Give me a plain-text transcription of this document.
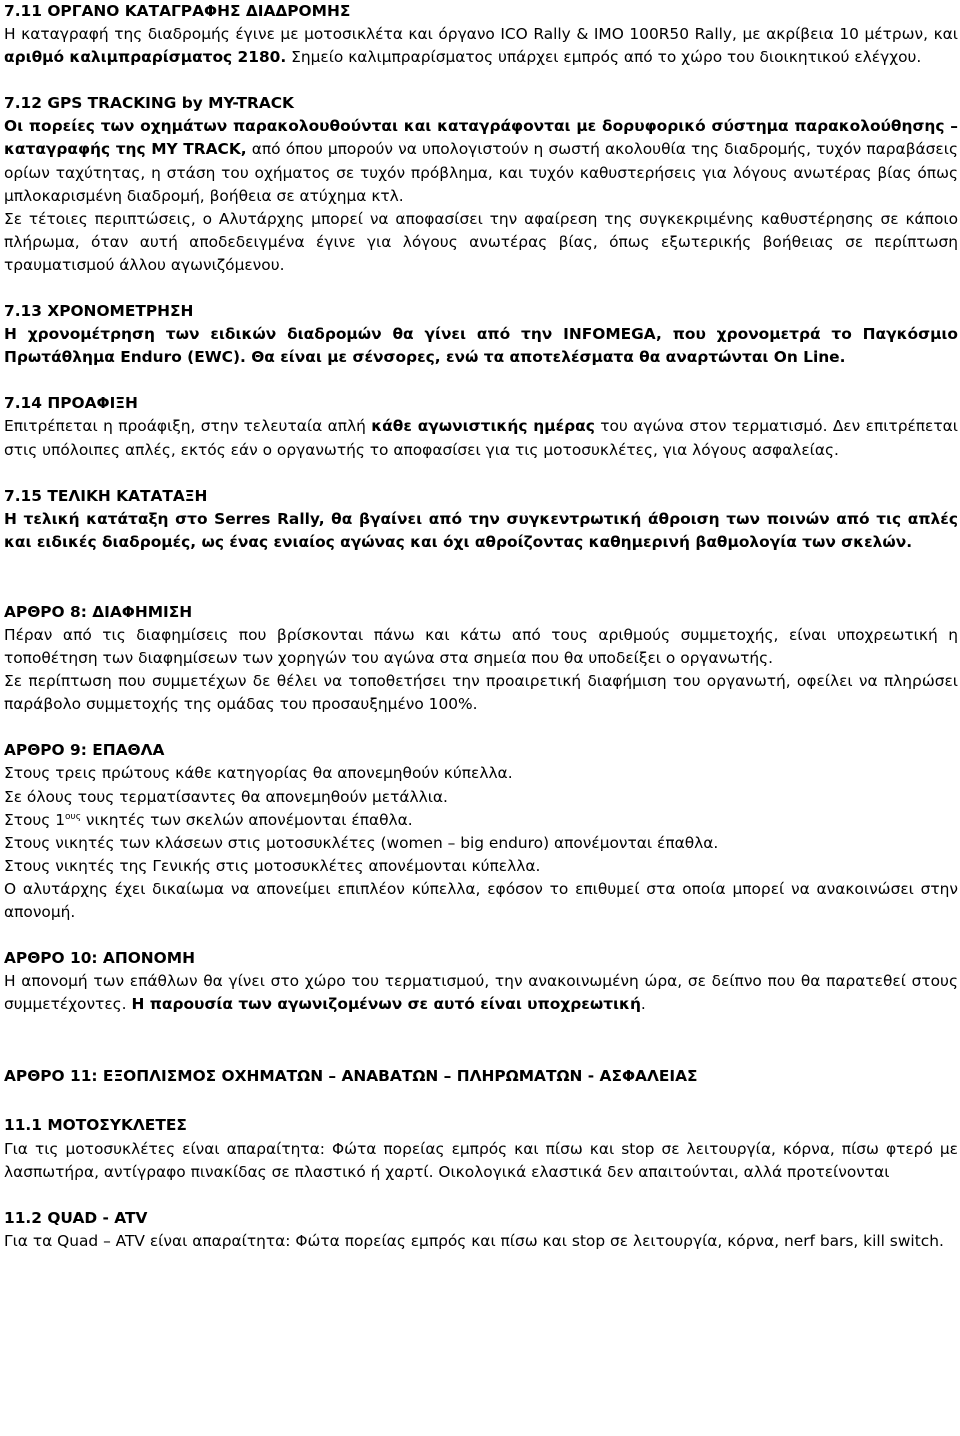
7.11 ΟΡΓΑΝΟ ΚΑΤΑΓΡΑΦΗΣ ΔΙΑΔΡΟΜΗΣ

Η καταγραφή της διαδρομής έγινε με μοτοσικλέτα και όργανο ICO Rally & IMO 100R50 Rally, με ακρίβεια 10 μέτρων, και αριθμό καλιμπραρίσματος 2180. Σημείο καλιμπραρίσματος υπάρχει εμπρός από το χώρο του διοικητικού ελέγχου.

7.12 GPS TRACKING by MY-TRACK

Οι πορείες των οχημάτων παρακολουθούνται και καταγράφονται με δορυφορικό σύστημα παρακολούθησης – καταγραφής της MY TRACK, από όπου μπορούν να υπολογιστούν η σωστή ακολουθία της διαδρομής, τυχόν παραβάσεις ορίων ταχύτητας, η στάση του οχήματος σε τυχόν πρόβλημα, και τυχόν καθυστερήσεις για λόγους ανωτέρας βίας όπως μπλοκαρισμένη διαδρομή, βοήθεια σε ατύχημα κτλ.

Σε τέτοιες περιπτώσεις, ο Αλυτάρχης μπορεί να αποφασίσει την αφαίρεση της συγκεκριμένης καθυστέρησης σε κάποιο πλήρωμα, όταν αυτή αποδεδειγμένα έγινε για λόγους ανωτέρας βίας, όπως εξωτερικής βοήθειας σε περίπτωση τραυματισμού άλλου αγωνιζόμενου.

7.13 ΧΡΟΝΟΜΕΤΡΗΣΗ

Η χρονομέτρηση των ειδικών διαδρομών θα γίνει από την INFOMEGA, που χρονομετρά το Παγκόσμιο Πρωτάθλημα Enduro (EWC). Θα είναι με σένσορες, ενώ τα αποτελέσματα θα αναρτώνται On Line.

7.14 ΠΡΟΑΦΙΞΗ

Επιτρέπεται η προάφιξη, στην τελευταία απλή κάθε αγωνιστικής ημέρας του αγώνα στον τερματισμό. Δεν επιτρέπεται στις υπόλοιπες απλές, εκτός εάν ο οργανωτής το αποφασίσει για τις μοτοσυκλέτες, για λόγους ασφαλείας.

7.15 ΤΕΛΙΚΗ ΚΑΤΑΤΑΞΗ

Η τελική κατάταξη στο Serres Rally, θα βγαίνει από την συγκεντρωτική άθροιση των ποινών από τις απλές και ειδικές διαδρομές, ως ένας ενιαίος αγώνας και όχι αθροίζοντας καθημερινή βαθμολογία των σκελών.

ΑΡΘΡΟ 8: ΔΙΑΦΗΜΙΣΗ

Πέραν από τις διαφημίσεις που βρίσκονται πάνω και κάτω από τους αριθμούς συμμετοχής, είναι υποχρεωτική η τοποθέτηση των διαφημίσεων των χορηγών του αγώνα στα σημεία που θα υποδείξει ο οργανωτής.

Σε περίπτωση που συμμετέχων δε θέλει να τοποθετήσει την προαιρετική διαφήμιση του οργανωτή, οφείλει να πληρώσει παράβολο συμμετοχής της ομάδας του προσαυξημένο 100%.

ΑΡΘΡΟ 9: ΕΠΑΘΛΑ

Στους τρεις πρώτους κάθε κατηγορίας θα απονεμηθούν κύπελλα.

Σε όλους τους τερματίσαντες θα απονεμηθούν μετάλλια.

Στους $1^{o\upsilon\varsigma}$ νικητές των σκελών απονέμονται έπαθλα.

Στους νικητές των κλάσεων στις μοτοσυκλέτες (women – big enduro) απονέμονται έπαθλα.

Στους νικητές της Γενικής στις μοτοσυκλέτες απονέμονται κύπελλα.

Ο αλυτάρχης έχει δικαίωμα να απονείμει επιπλέον κύπελλα, εφόσον το επιθυμεί στα οποία μπορεί να ανακοινώσει στην απονομή.

ΑΡΘΡΟ 10: ΑΠΟΝΟΜΗ

Η απονομή των επάθλων θα γίνει στο χώρο του τερματισμού, την ανακοινωμένη ώρα, σε δείπνο που θα παρατεθεί στους συμμετέχοντες. Η παρουσία των αγωνιζομένων σε αυτό είναι υποχρεωτική.

ΑΡΘΡΟ 11: ΕΞΟΠΛΙΣΜΟΣ ΟΧΗΜΑΤΩΝ – ΑΝΑΒΑΤΩΝ – ΠΛΗΡΩΜΑΤΩΝ - ΑΣΦΑΛΕΙΑΣ

11.1 ΜΟΤΟΣΥΚΛΕΤΕΣ

Για τις μοτοσυκλέτες είναι απαραίτητα: Φώτα πορείας εμπρός και πίσω και stop σε λειτουργία, κόρνα, πίσω φτερό με λασπωτήρα, αντίγραφο πινακίδας σε πλαστικό ή χαρτί. Οικολογικά ελαστικά δεν απαιτούνται, αλλά προτείνονται

11.2 QUAD - ATV

Για τα Quad – ATV είναι απαραίτητα: Φώτα πορείας εμπρός και πίσω και stop σε λειτουργία, κόρνα, nerf bars, kill switch.
